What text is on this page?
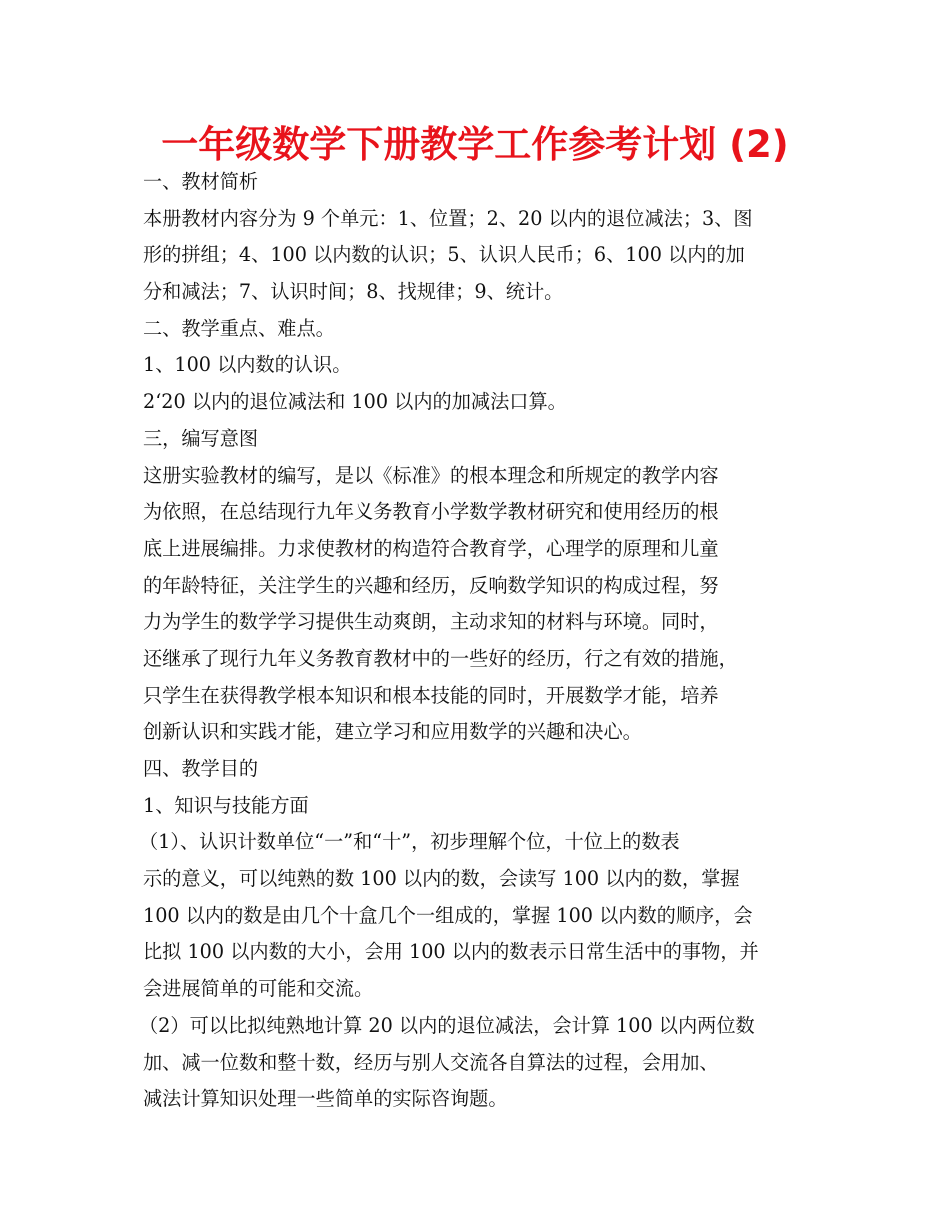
一年级数学下册教学工作参考计划 (2)
一、教材简析
本册教材内容分为 9 个单元：1、位置；2、20 以内的退位减法；3、图
形的拼组；4、100 以内数的认识；5、认识人民币；6、100 以内的加
分和减法；7、认识时间；8、找规律；9、统计。
二、教学重点、难点。
1、100 以内数的认识。
2‘20 以内的退位减法和 100 以内的加减法口算。
三，编写意图
这册实验教材的编写，是以《标准》的根本理念和所规定的教学内容
为依照，在总结现行九年义务教育小学数学教材研究和使用经历的根
底上进展编排。力求使教材的构造符合教育学，心理学的原理和儿童
的年龄特征，关注学生的兴趣和经历，反响数学知识的构成过程，努
力为学生的数学学习提供生动爽朗，主动求知的材料与环境。同时，
还继承了现行九年义务教育教材中的一些好的经历，行之有效的措施，
只学生在获得教学根本知识和根本技能的同时，开展数学才能，培养
创新认识和实践才能，建立学习和应用数学的兴趣和决心。
四、教学目的
1、知识与技能方面
（1）、认识计数单位“一”和“十”，初步理解个位，十位上的数表
示的意义，可以纯熟的数 100 以内的数，会读写 100 以内的数，掌握
100 以内的数是由几个十盒几个一组成的，掌握 100 以内数的顺序，会
比拟 100 以内数的大小，会用 100 以内的数表示日常生活中的事物，并
会进展简单的可能和交流。
（2）可以比拟纯熟地计算 20 以内的退位减法，会计算 100 以内两位数
加、减一位数和整十数，经历与别人交流各自算法的过程，会用加、
减法计算知识处理一些简单的实际咨询题。
